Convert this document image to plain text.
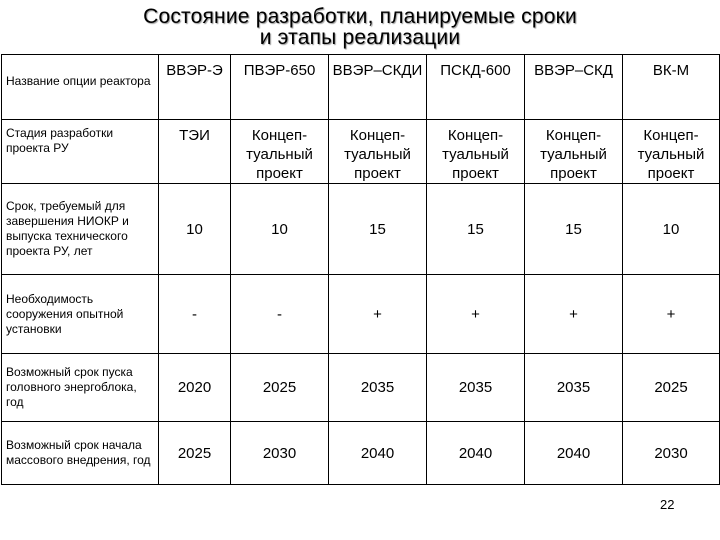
Состояние разработки, планируемые сроки
и этапы реализации
Название опции реактора	ВВЭР-Э	ПВЭР-650	ВВЭР–СКДИ	ПСКД-600	ВВЭР–СКД	ВК-М
Стадия разработки проекта РУ	ТЭИ	Концеп-туальный проект	Концеп-туальный проект	Концеп-туальный проект	Концеп-туальный проект	Концеп-туальный проект
Срок, требуемый для завершения НИОКР и выпуска технического проекта РУ, лет	10	10	15	15	15	10
Необходимость сооружения опытной установки	-	-	+	+	+	+
Возможный срок пуска головного энергоблока, год	2020	2025	2035	2035	2035	2025
Возможный срок начала массового внедрения, год	2025	2030	2040	2040	2040	2030
22
